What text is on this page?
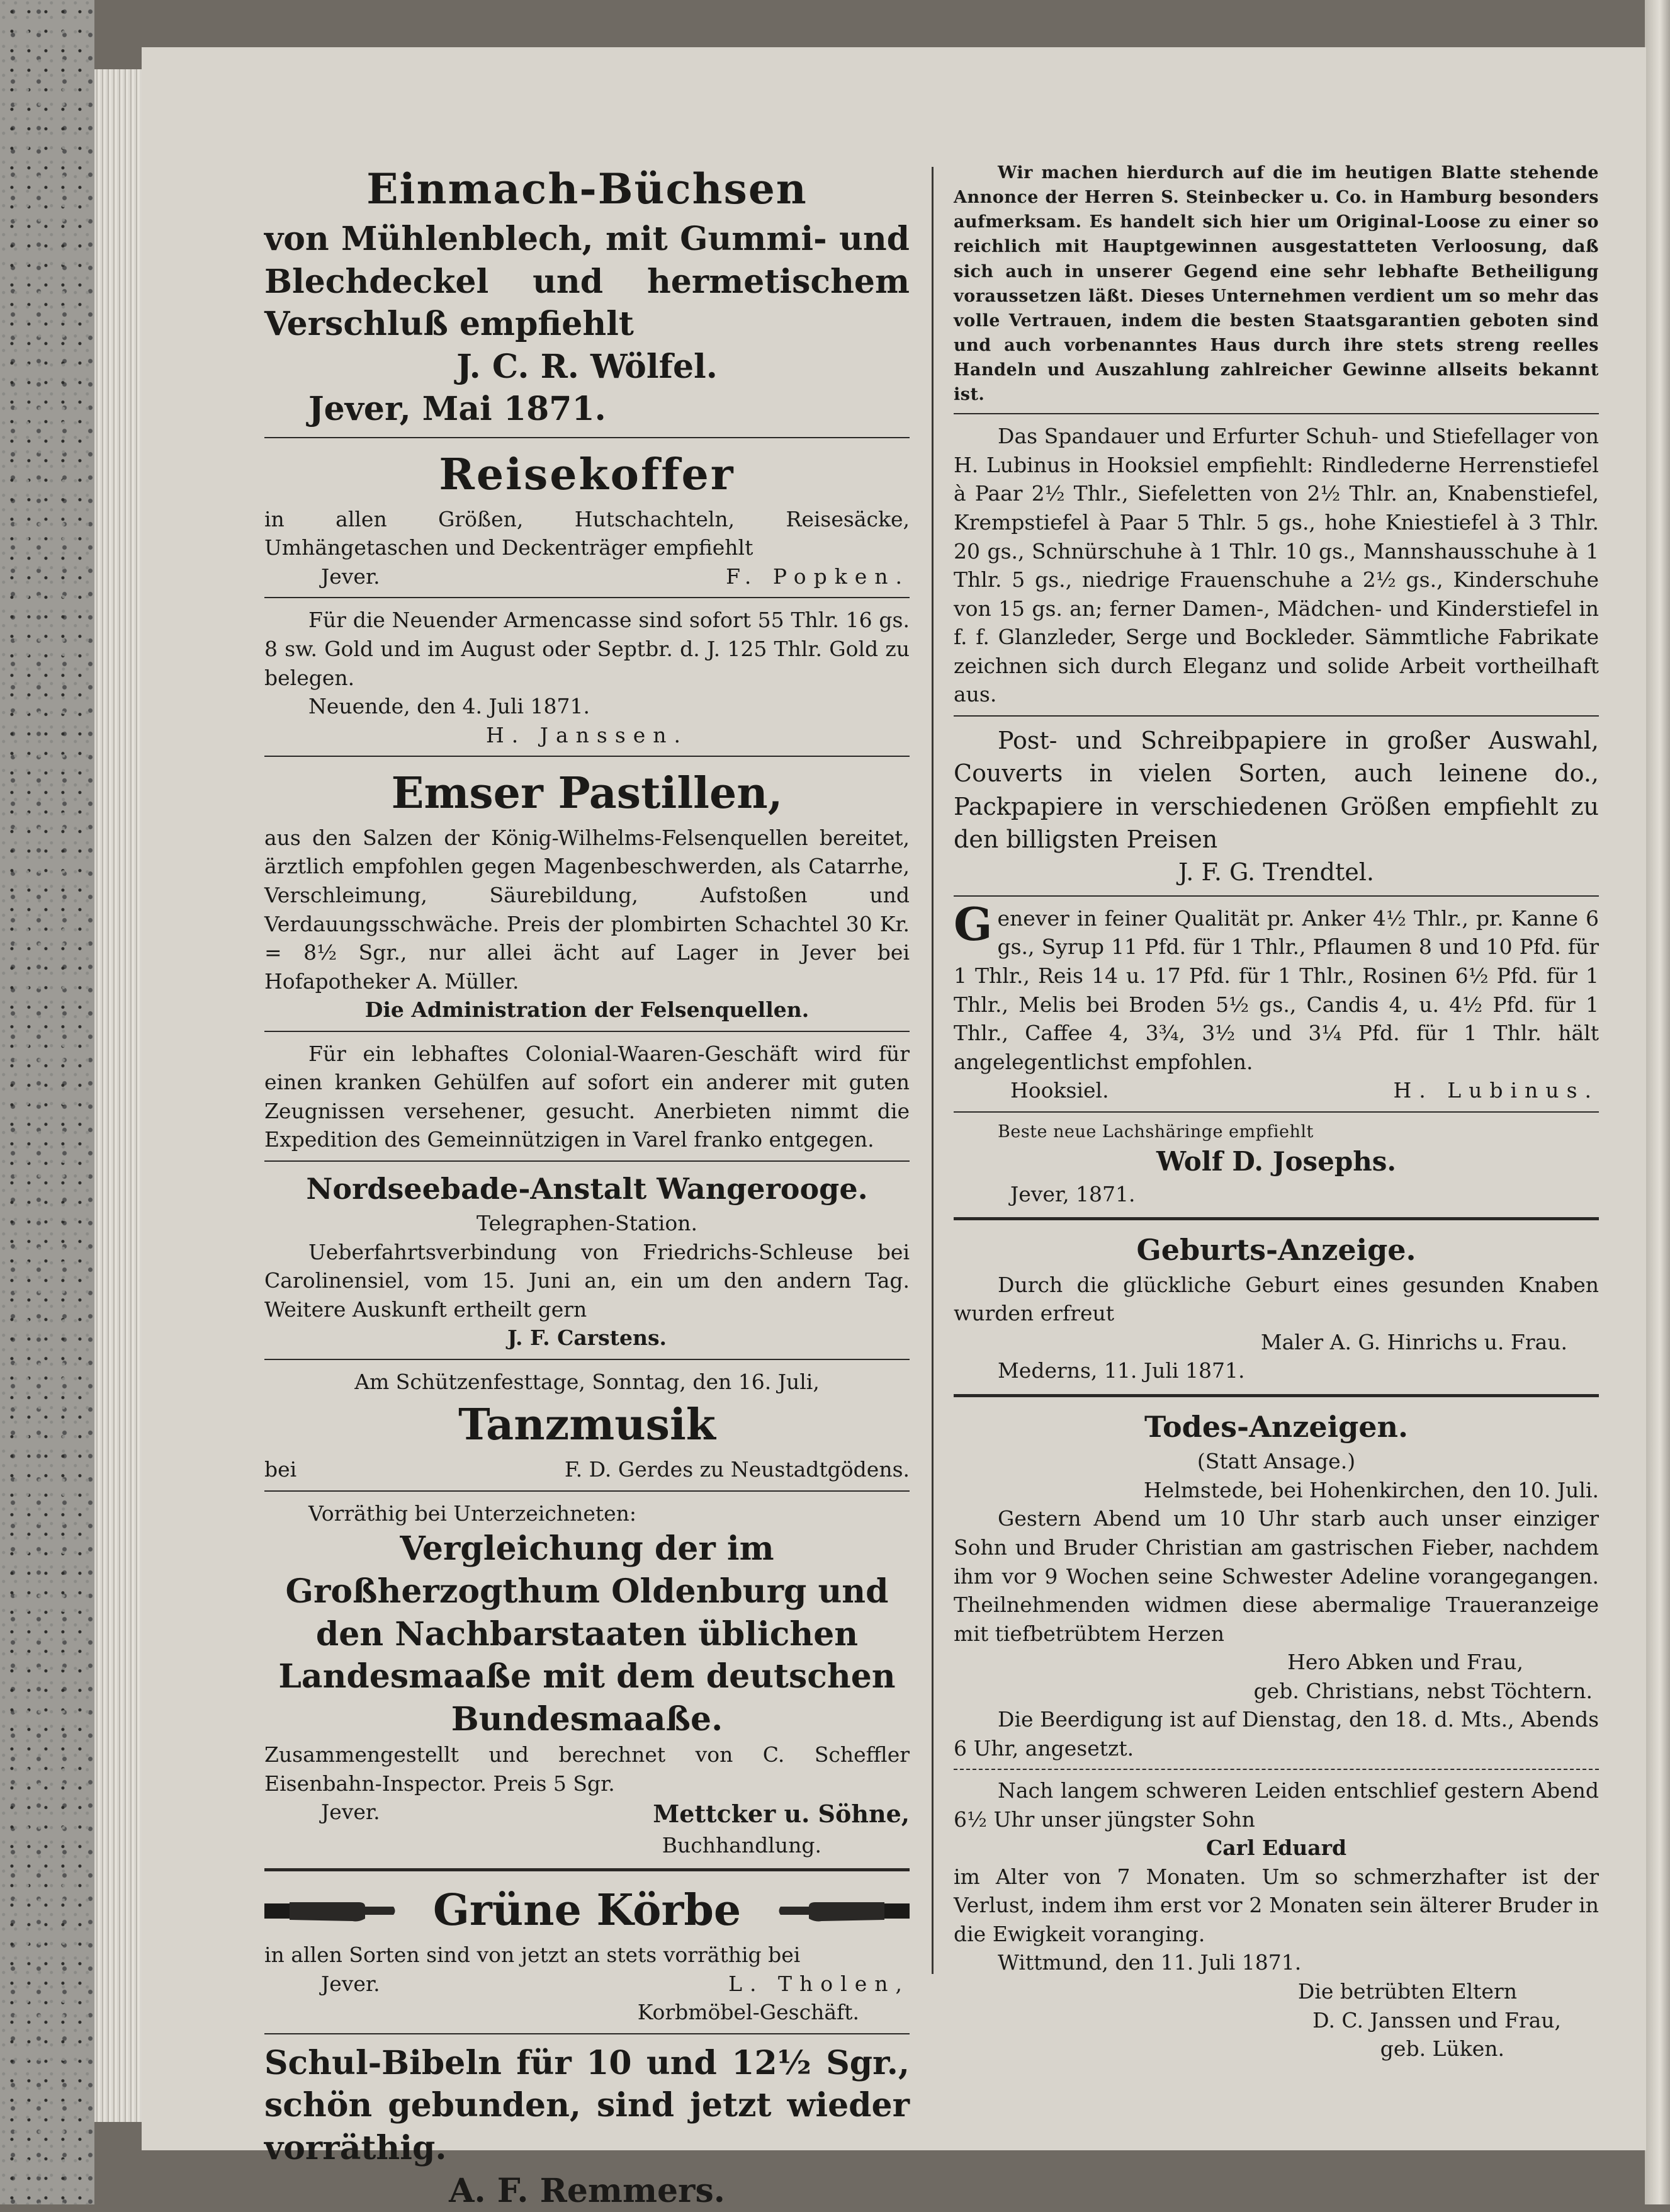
Einmach-Büchsen
von Mühlenblech, mit Gummi- und Blechdeckel und hermetischem Verschluß empfiehlt
J. C. R. Wölfel.
Jever, Mai 1871.
Reisekoffer
in allen Größen, Hutschachteln, Reisesäcke, Umhängetaschen und Deckenträger empfiehlt
Jever.	F. Popken.
Für die Neuender Armencasse sind sofort 55 Thlr. 16 gs. 8 sw. Gold und im August oder Septbr. d. J. 125 Thlr. Gold zu belegen.
Neuende, den 4. Juli 1871.
H. Janssen.
Emser Pastillen,
aus den Salzen der König-Wilhelms-Felsenquellen bereitet, ärztlich empfohlen gegen Magenbeschwerden, als Catarrhe, Verschleimung, Säurebildung, Aufstoßen und Verdauungsschwäche. Preis der plombirten Schachtel 30 Kr. = 8½ Sgr., nur allei ächt auf Lager in Jever bei Hofapotheker A. Müller.
Die Administration der Felsenquellen.
Für ein lebhaftes Colonial-Waaren-Geschäft wird für einen kranken Gehülfen auf sofort ein anderer mit guten Zeugnissen versehener, gesucht. Anerbieten nimmt die Expedition des Gemeinnützigen in Varel franko entgegen.
Nordseebade-Anstalt Wangerooge.
Telegraphen-Station.
Ueberfahrtsverbindung von Friedrichs-Schleuse bei Carolinensiel, vom 15. Juni an, ein um den andern Tag. Weitere Auskunft ertheilt gern
J. F. Carstens.
Am Schützenfesttage, Sonntag, den 16. Juli,
Tanzmusik
bei	F. D. Gerdes zu Neustadtgödens.
Vorräthig bei Unterzeichneten:
Vergleichung der im Großherzogthum Oldenburg und den Nachbarstaaten üblichen Landesmaaße mit dem deutschen Bundesmaaße.
Zusammengestellt und berechnet von C. Scheffler Eisenbahn-Inspector. Preis 5 Sgr.
Jever.	Mettcker u. Söhne,
Buchhandlung.
Grüne Körbe
in allen Sorten sind von jetzt an stets vorräthig bei
Jever.	L. Tholen,
Korbmöbel-Geschäft.
Schul-Bibeln für 10 und 12½ Sgr., schön gebunden, sind jetzt wieder vorräthig.
A. F. Remmers.
Wir machen hierdurch auf die im heutigen Blatte stehende Annonce der Herren S. Steinbecker u. Co. in Hamburg besonders aufmerksam. Es handelt sich hier um Original-Loose zu einer so reichlich mit Hauptgewinnen ausgestatteten Verloosung, daß sich auch in unserer Gegend eine sehr lebhafte Betheiligung voraussetzen läßt. Dieses Unternehmen verdient um so mehr das volle Vertrauen, indem die besten Staatsgarantien geboten sind und auch vorbenanntes Haus durch ihre stets streng reelles Handeln und Auszahlung zahlreicher Gewinne allseits bekannt ist.
Das Spandauer und Erfurter Schuh- und Stiefellager von H. Lubinus in Hooksiel empfiehlt: Rindlederne Herrenstiefel à Paar 2½ Thlr., Siefeletten von 2½ Thlr. an, Knabenstiefel, Krempstiefel à Paar 5 Thlr. 5 gs., hohe Kniestiefel à 3 Thlr. 20 gs., Schnürschuhe à 1 Thlr. 10 gs., Mannshausschuhe à 1 Thlr. 5 gs., niedrige Frauenschuhe a 2½ gs., Kinderschuhe von 15 gs. an; ferner Damen-, Mädchen- und Kinderstiefel in f. f. Glanzleder, Serge und Bockleder. Sämmtliche Fabrikate zeichnen sich durch Eleganz und solide Arbeit vortheilhaft aus.
Post- und Schreibpapiere in großer Auswahl, Couverts in vielen Sorten, auch leinene do., Packpapiere in verschiedenen Größen empfiehlt zu den billigsten Preisen
J. F. G. Trendtel.
Genever in feiner Qualität pr. Anker 4½ Thlr., pr. Kanne 6 gs., Syrup 11 Pfd. für 1 Thlr., Pflaumen 8 und 10 Pfd. für 1 Thlr., Reis 14 u. 17 Pfd. für 1 Thlr., Rosinen 6½ Pfd. für 1 Thlr., Melis bei Broden 5½ gs., Candis 4, u. 4½ Pfd. für 1 Thlr., Caffee 4, 3¾, 3½ und 3¼ Pfd. für 1 Thlr. hält angelegentlichst empfohlen.
Hooksiel.	H. Lubinus.
Beste neue Lachshäringe empfiehlt
Wolf D. Josephs.
Jever, 1871.
Geburts-Anzeige.
Durch die glückliche Geburt eines gesunden Knaben wurden erfreut
Maler A. G. Hinrichs u. Frau.
Mederns, 11. Juli 1871.
Todes-Anzeigen.
(Statt Ansage.)
Helmstede, bei Hohenkirchen, den 10. Juli.
Gestern Abend um 10 Uhr starb auch unser einziger Sohn und Bruder Christian am gastrischen Fieber, nachdem ihm vor 9 Wochen seine Schwester Adeline vorangegangen. Theilnehmenden widmen diese abermalige Traueranzeige mit tiefbetrübtem Herzen
Hero Abken und Frau,
geb. Christians, nebst Töchtern.
Die Beerdigung ist auf Dienstag, den 18. d. Mts., Abends 6 Uhr, angesetzt.
Nach langem schweren Leiden entschlief gestern Abend 6½ Uhr unser jüngster Sohn
Carl Eduard
im Alter von 7 Monaten. Um so schmerzhafter ist der Verlust, indem ihm erst vor 2 Monaten sein älterer Bruder in die Ewigkeit voranging.
Wittmund, den 11. Juli 1871.
Die betrübten Eltern
D. C. Janssen und Frau,
geb. Lüken.
